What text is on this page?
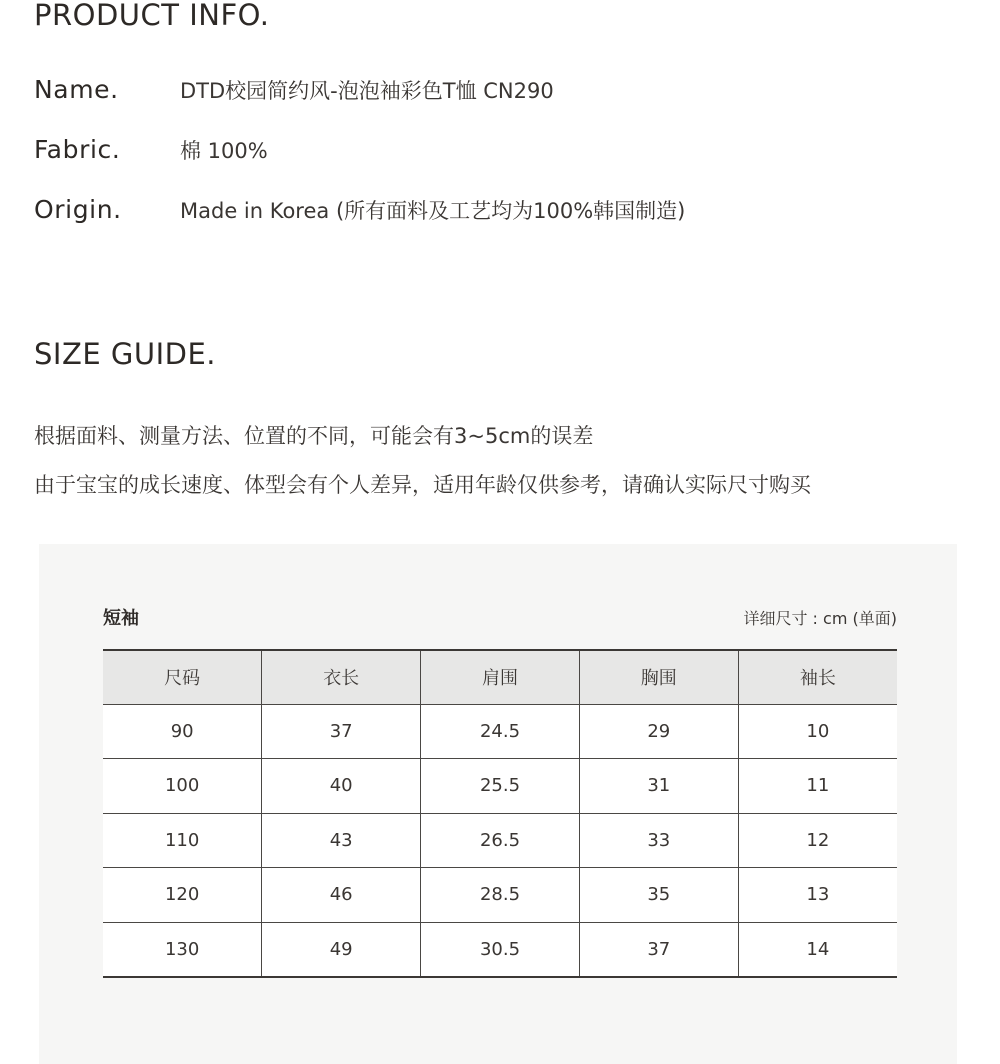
PRODUCT INFO.
Name.	DTD校园简约风-泡泡袖彩色T恤 CN290
Fabric.	棉 100%
Origin.	Made in Korea (所有面料及工艺均为100%韩国制造)
SIZE GUIDE.
根据面料、测量方法、位置的不同，可能会有3~5cm的误差
由于宝宝的成长速度、体型会有个人差异，适用年龄仅供参考，请确认实际尺寸购买
短袖	详细尺寸 : cm (单面)
尺码	衣长	肩围	胸围	袖长
90	37	24.5	29	10
100	40	25.5	31	11
110	43	26.5	33	12
120	46	28.5	35	13
130	49	30.5	37	14
